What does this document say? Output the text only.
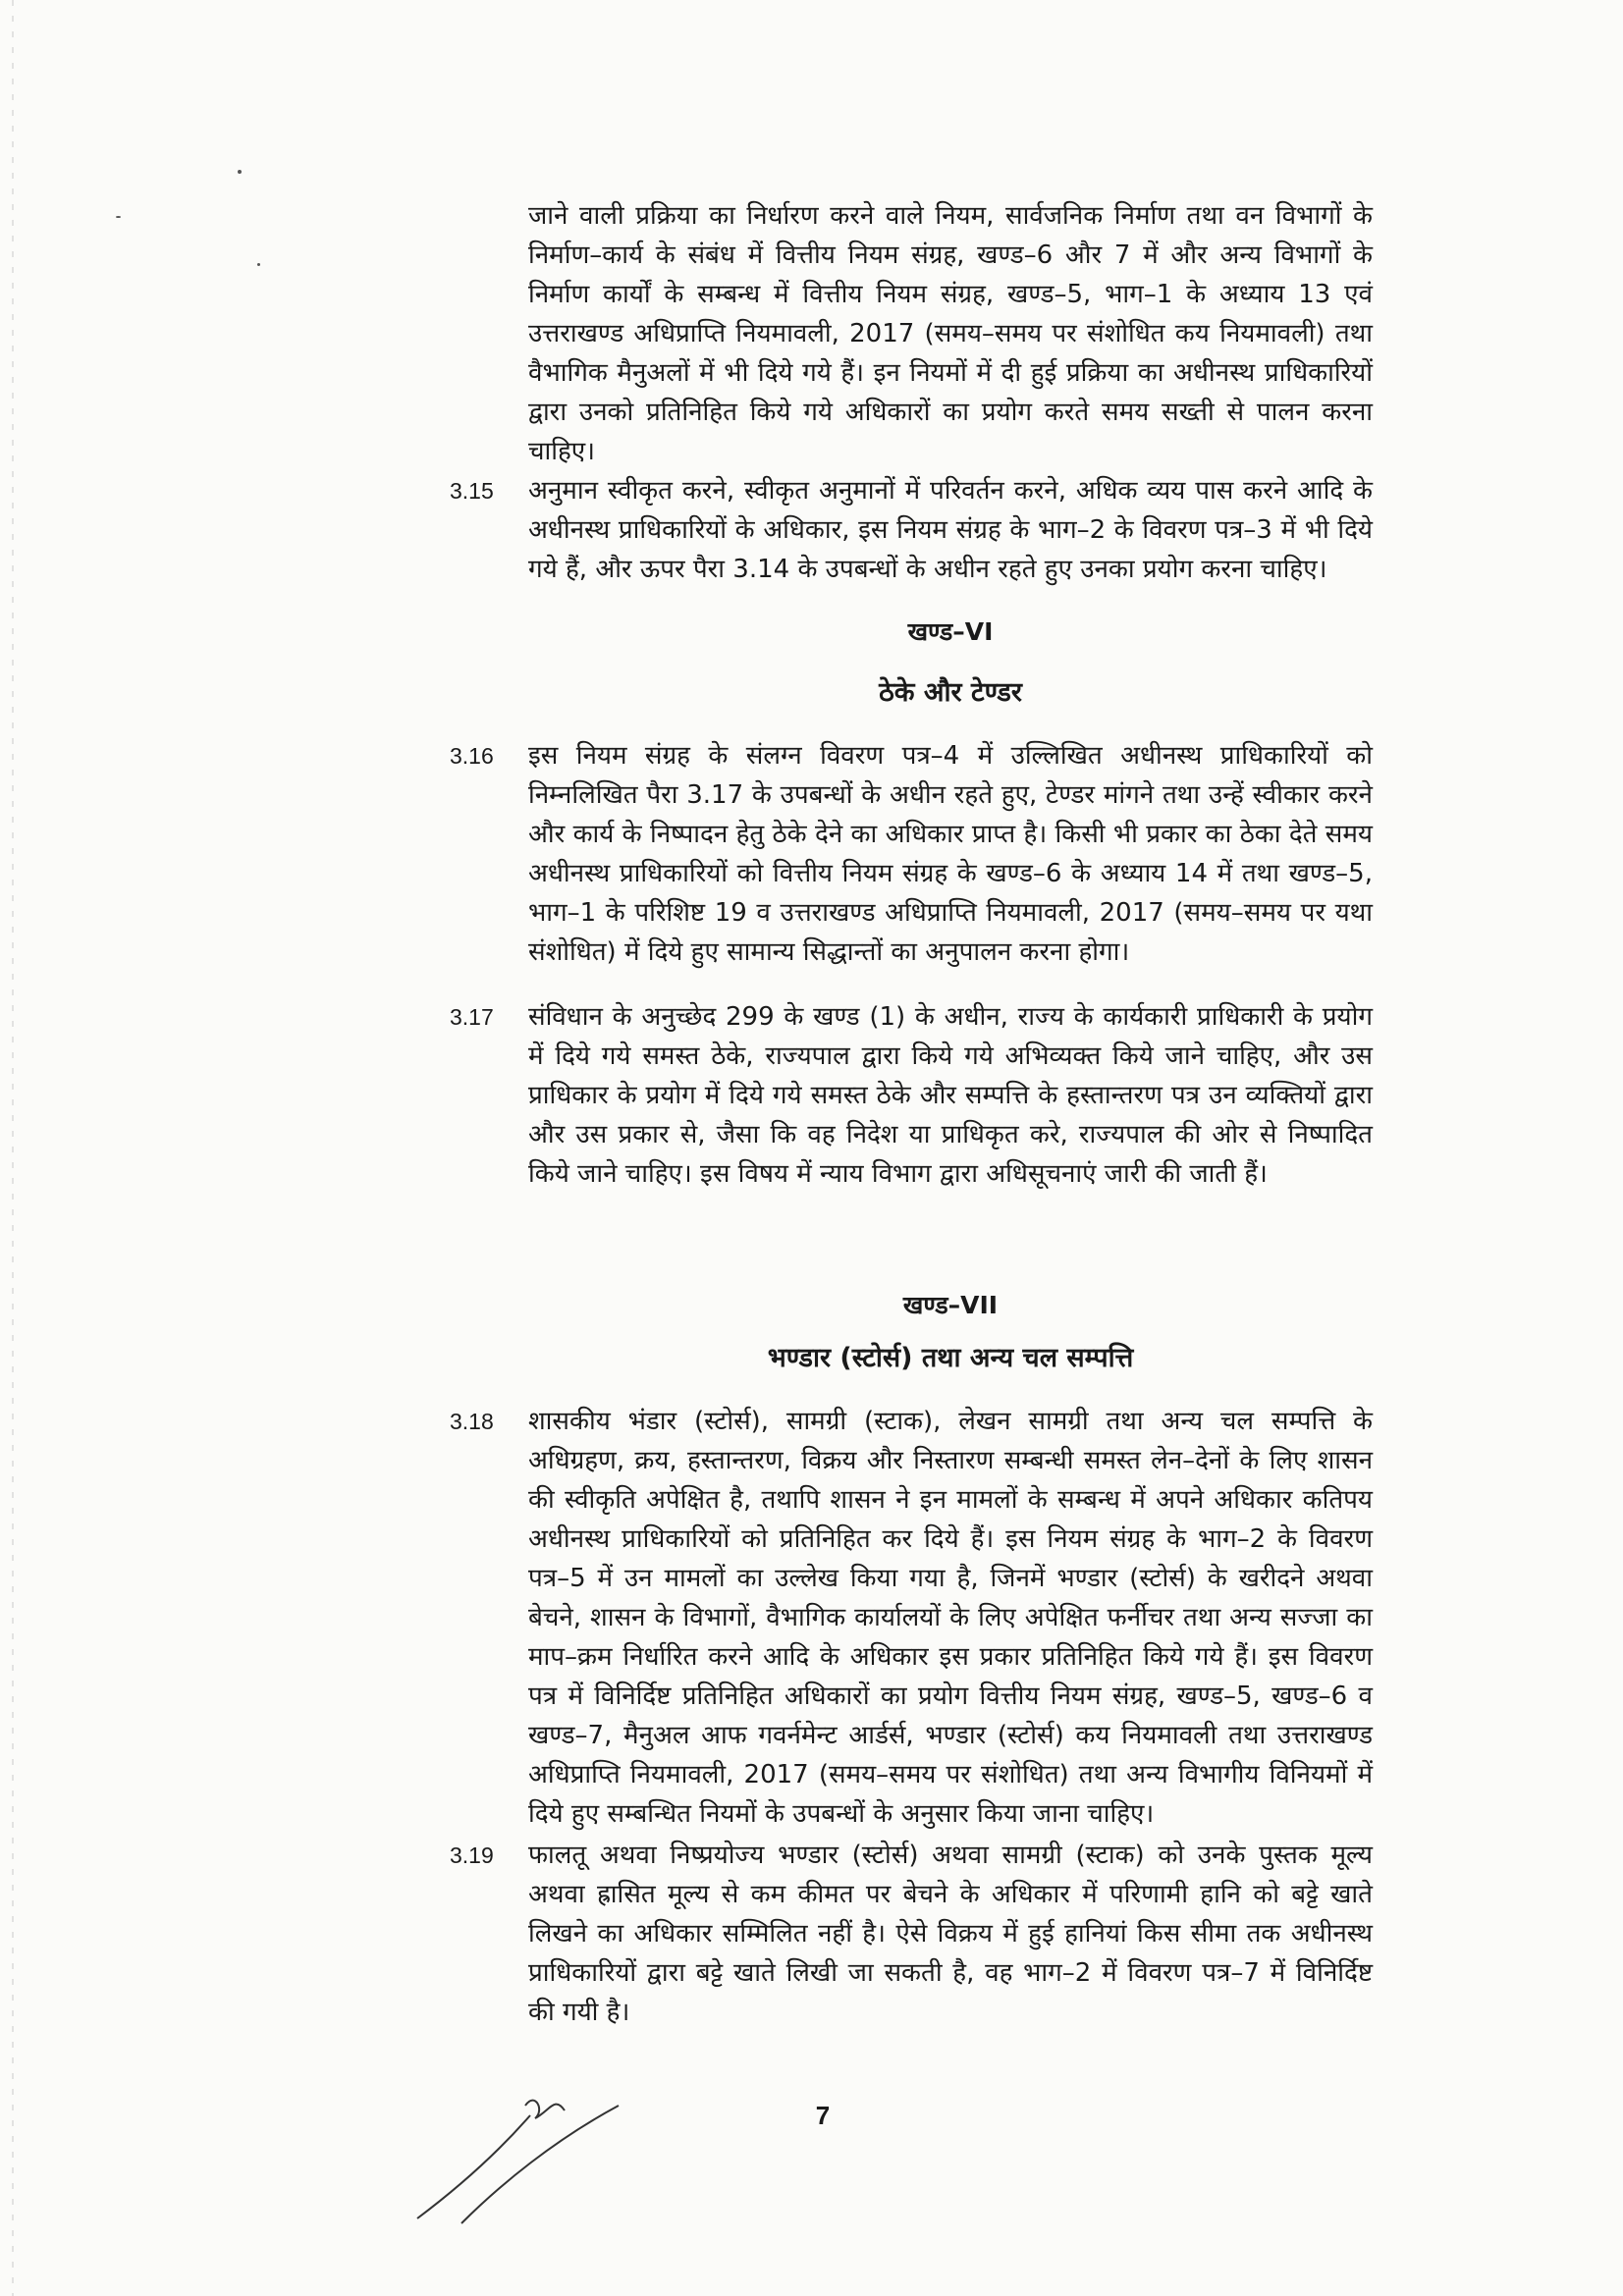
जाने वाली प्रक्रिया का निर्धारण करने वाले नियम, सार्वजनिक निर्माण तथा वन विभागों के निर्माण–कार्य के संबंध में वित्तीय नियम संग्रह, खण्ड–6 और 7 में और अन्य विभागों के निर्माण कार्यों के सम्बन्ध में वित्तीय नियम संग्रह, खण्ड–5, भाग–1 के अध्याय 13 एवं उत्तराखण्ड अधिप्राप्ति नियमावली, 2017 (समय–समय पर संशोधित कय नियमावली) तथा वैभागिक मैनुअलों में भी दिये गये हैं। इन नियमों में दी हुई प्रक्रिया का अधीनस्थ प्राधिकारियों द्वारा उनको प्रतिनिहित किये गये अधिकारों का प्रयोग करते समय सख्ती से पालन करना चाहिए।
3.15 अनुमान स्वीकृत करने, स्वीकृत अनुमानों में परिवर्तन करने, अधिक व्यय पास करने आदि के अधीनस्थ प्राधिकारियों के अधिकार, इस नियम संग्रह के भाग–2 के विवरण पत्र–3 में भी दिये गये हैं, और ऊपर पैरा 3.14 के उपबन्धों के अधीन रहते हुए उनका प्रयोग करना चाहिए।
खण्ड–VI
ठेके और टेण्डर
3.16 इस नियम संग्रह के संलग्न विवरण पत्र–4 में उल्लिखित अधीनस्थ प्राधिकारियों को निम्नलिखित पैरा 3.17 के उपबन्धों के अधीन रहते हुए, टेण्डर मांगने तथा उन्हें स्वीकार करने और कार्य के निष्पादन हेतु ठेके देने का अधिकार प्राप्त है। किसी भी प्रकार का ठेका देते समय अधीनस्थ प्राधिकारियों को वित्तीय नियम संग्रह के खण्ड–6 के अध्याय 14 में तथा खण्ड–5, भाग–1 के परिशिष्ट 19 व उत्तराखण्ड अधिप्राप्ति नियमावली, 2017 (समय–समय पर यथा संशोधित) में दिये हुए सामान्य सिद्धान्तों का अनुपालन करना होगा।
3.17 संविधान के अनुच्छेद 299 के खण्ड (1) के अधीन, राज्य के कार्यकारी प्राधिकारी के प्रयोग में दिये गये समस्त ठेके, राज्यपाल द्वारा किये गये अभिव्यक्त किये जाने चाहिए, और उस प्राधिकार के प्रयोग में दिये गये समस्त ठेके और सम्पत्ति के हस्तान्तरण पत्र उन व्यक्तियों द्वारा और उस प्रकार से, जैसा कि वह निदेश या प्राधिकृत करे, राज्यपाल की ओर से निष्पादित किये जाने चाहिए। इस विषय में न्याय विभाग द्वारा अधिसूचनाएं जारी की जाती हैं।
खण्ड–VII
भण्डार (स्टोर्स) तथा अन्य चल सम्पत्ति
3.18 शासकीय भंडार (स्टोर्स), सामग्री (स्टाक), लेखन सामग्री तथा अन्य चल सम्पत्ति के अधिग्रहण, क्रय, हस्तान्तरण, विक्रय और निस्तारण सम्बन्धी समस्त लेन–देनों के लिए शासन की स्वीकृति अपेक्षित है, तथापि शासन ने इन मामलों के सम्बन्ध में अपने अधिकार कतिपय अधीनस्थ प्राधिकारियों को प्रतिनिहित कर दिये हैं। इस नियम संग्रह के भाग–2 के विवरण पत्र–5 में उन मामलों का उल्लेख किया गया है, जिनमें भण्डार (स्टोर्स) के खरीदने अथवा बेचने, शासन के विभागों, वैभागिक कार्यालयों के लिए अपेक्षित फर्नीचर तथा अन्य सज्जा का माप–क्रम निर्धारित करने आदि के अधिकार इस प्रकार प्रतिनिहित किये गये हैं। इस विवरण पत्र में विनिर्दिष्ट प्रतिनिहित अधिकारों का प्रयोग वित्तीय नियम संग्रह, खण्ड–5, खण्ड–6 व खण्ड–7, मैनुअल आफ गवर्नमेन्ट आर्डर्स, भण्डार (स्टोर्स) कय नियमावली तथा उत्तराखण्ड अधिप्राप्ति नियमावली, 2017 (समय–समय पर संशोधित) तथा अन्य विभागीय विनियमों में दिये हुए सम्बन्धित नियमों के उपबन्धों के अनुसार किया जाना चाहिए।
3.19 फालतू अथवा निष्प्रयोज्य भण्डार (स्टोर्स) अथवा सामग्री (स्टाक) को उनके पुस्तक मूल्य अथवा ह्रासित मूल्य से कम कीमत पर बेचने के अधिकार में परिणामी हानि को बट्टे खाते लिखने का अधिकार सम्मिलित नहीं है। ऐसे विक्रय में हुई हानियां किस सीमा तक अधीनस्थ प्राधिकारियों द्वारा बट्टे खाते लिखी जा सकती है, वह भाग–2 में विवरण पत्र–7 में विनिर्दिष्ट की गयी है।
7
